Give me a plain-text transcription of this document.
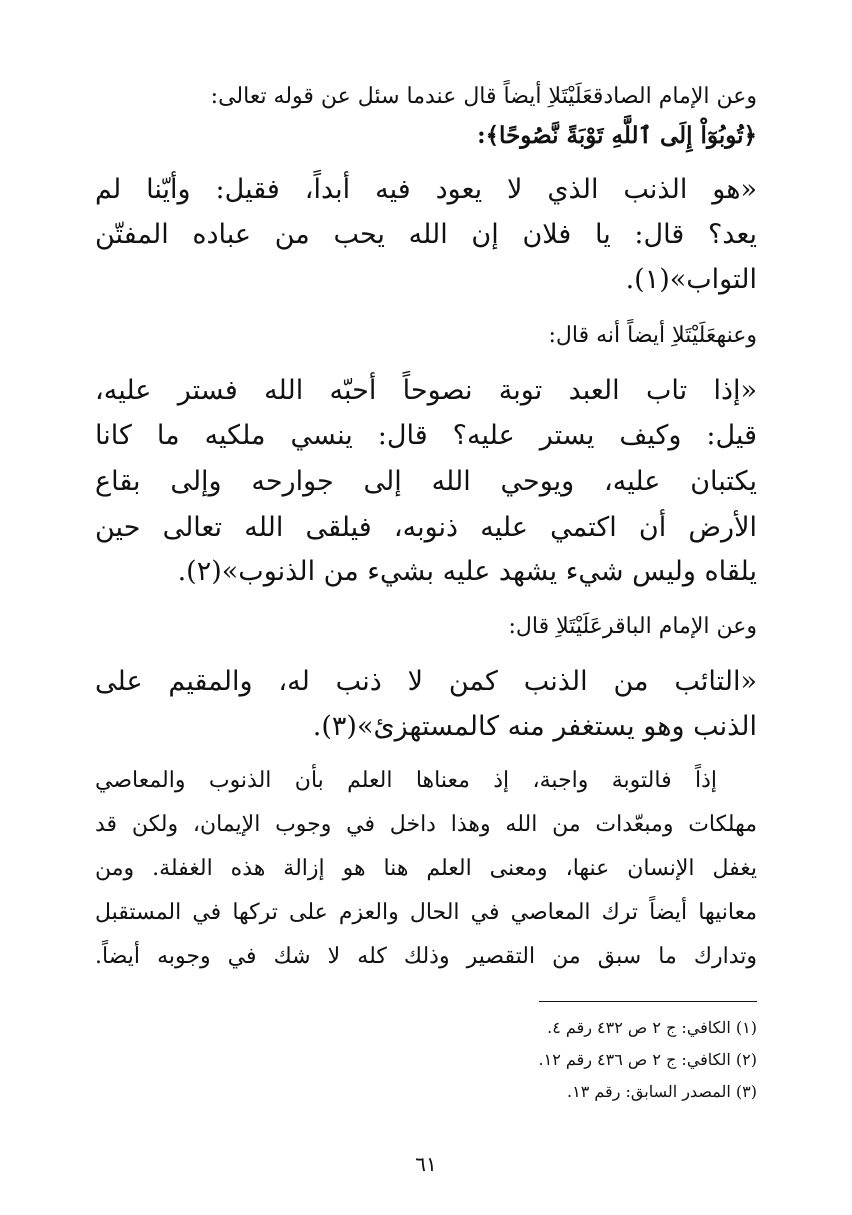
وعن الإمام الصادقعَلَيْتَلاِ أيضاً قال عندما سئل عن قوله تعالى:
﴿تُوبُوٓاْ إِلَى ٱللَّهِ تَوْبَةً نَّصُوحًا﴾:
«هو الذنب الذي لا يعود فيه أبداً، فقيل: وأيّنا لم
يعد؟ قال: يا فلان إن الله يحب من عباده المفتّن
التواب»(١).
وعنهعَلَيْتَلاِ أيضاً أنه قال:
«إذا تاب العبد توبة نصوحاً أحبّه الله فستر عليه،
قيل: وكيف يستر عليه؟ قال: ينسي ملكيه ما كانا
يكتبان عليه، ويوحي الله إلى جوارحه وإلى بقاع
الأرض أن اكتمي عليه ذنوبه، فيلقى الله تعالى حين
يلقاه وليس شيء يشهد عليه بشيء من الذنوب»(٢).
وعن الإمام الباقرعَلَيْتَلاِ قال:
«التائب من الذنب كمن لا ذنب له، والمقيم على
الذنب وهو يستغفر منه كالمستهزئ»(٣).
إذاً فالتوبة واجبة، إذ معناها العلم بأن الذنوب والمعاصي
مهلكات ومبعّدات من الله وهذا داخل في وجوب الإيمان، ولكن قد
يغفل الإنسان عنها، ومعنى العلم هنا هو إزالة هذه الغفلة. ومن
معانيها أيضاً ترك المعاصي في الحال والعزم على تركها في المستقبل
وتدارك ما سبق من التقصير وذلك كله لا شك في وجوبه أيضاً.
(١) الكافي: ج ٢ ص ٤٣٢ رقم ٤.
(٢) الكافي: ج ٢ ص ٤٣٦ رقم ١٢.
(٣) المصدر السابق: رقم ١٣.
٦١
